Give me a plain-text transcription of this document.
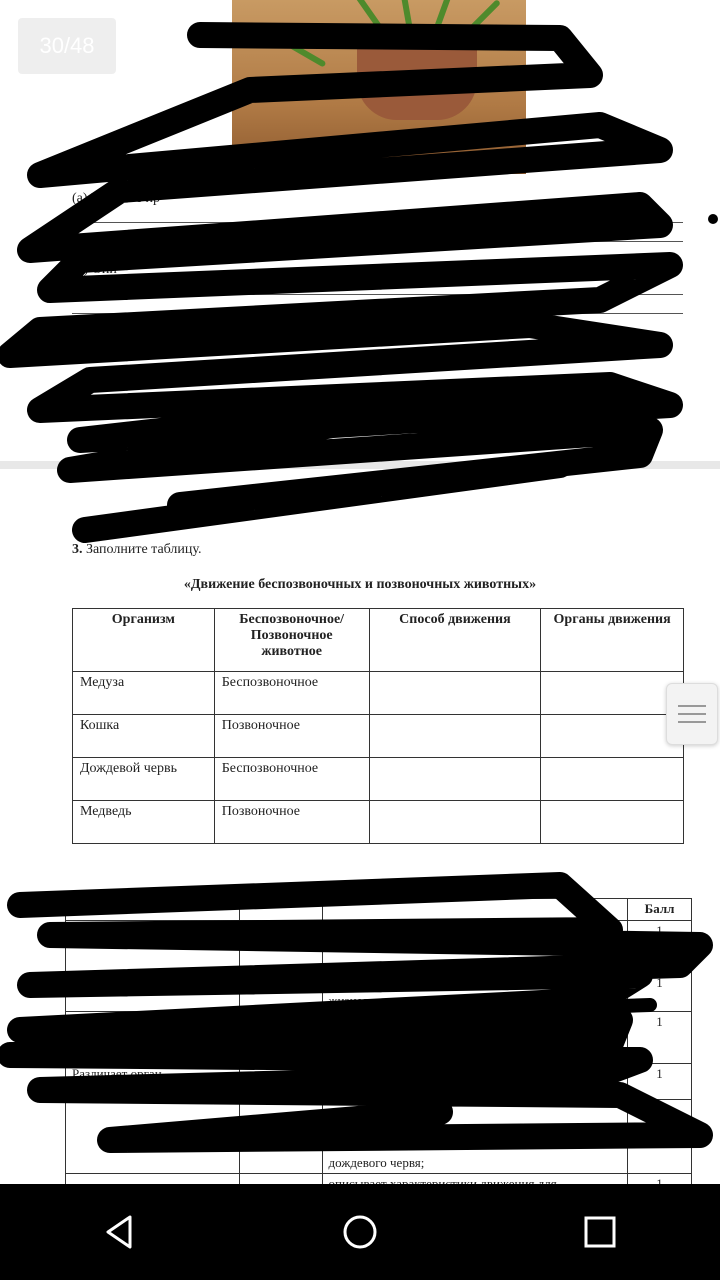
30/48
(а) Укажите пр
(b) Опи
29
3. Заполните таблицу.
«Движение беспозвоночных и позвоночных животных»
Организм	Беспозвоночное/Позвоночное животное	Способ движения	Органы движения
Медуза	Беспозвоночное		
Кошка	Позвоночное		
Дождевой червь	Беспозвоночное		
Медведь	Позвоночное		
			Балл
			1
		жизнедеятель	1
			1
Различает орган			1
		дождевого червя;	1
